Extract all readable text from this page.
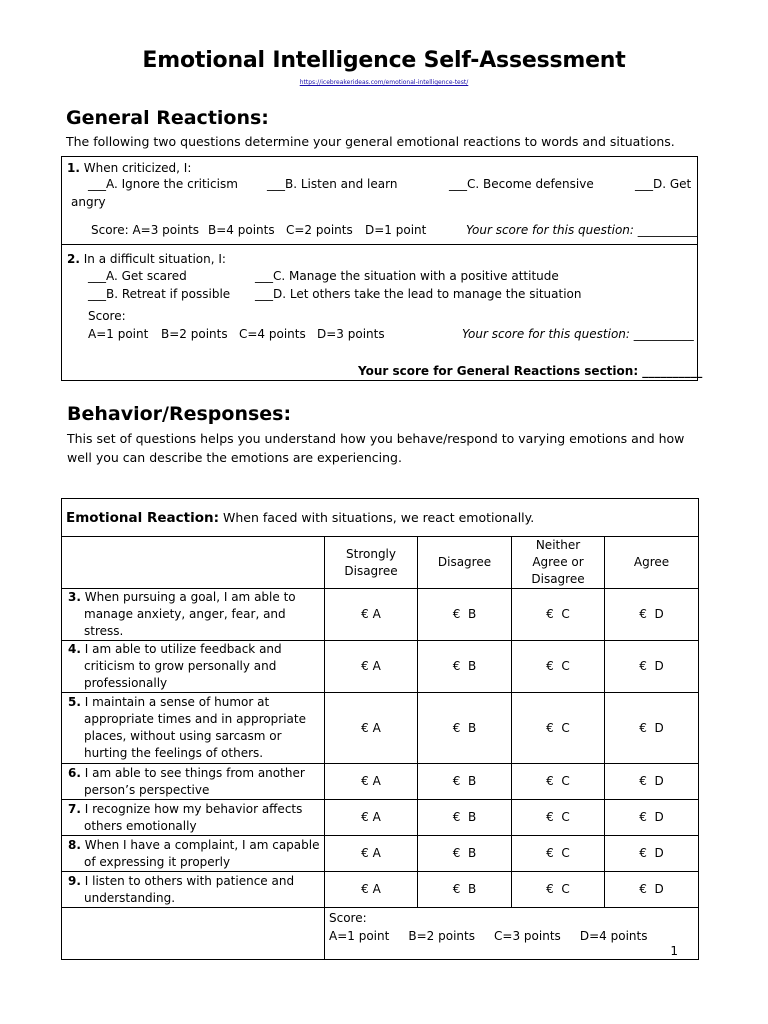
Emotional Intelligence Self-Assessment
https://icebreakerideas.com/emotional-intelligence-test/
General Reactions:
The following two questions determine your general emotional reactions to words and situations.
1. When criticized, I:
___A. Ignore the criticism ___B. Listen and learn	___C. Become defensive	___D. Get
angry
Score: A=3 points B=4 points C=2 points D=1 point	Your score for this question: __________
2. In a difficult situation, I:
___A. Get scared	___C. Manage the situation with a positive attitude
___B. Retreat if possible ___D. Let others take the lead to manage the situation
Score:
A=1 point B=2 points C=4 points D=3 points	Your score for this question: __________
Your score for General Reactions section: __________
Behavior/Responses:
This set of questions helps you understand how you behave/respond to varying emotions and how
well you can describe the emotions are experiencing.
Emotional Reaction: When faced with situations, we react emotionally.				
	Strongly
Disagree	Disagree	Neither
Agree or
Disagree	Agree
3. When pursuing a goal, I am able to manage anxiety, anger, fear, and stress.	€ A	€  B	€  C	€  D
4. I am able to utilize feedback and criticism to grow personally and professionally	€ A	€  B	€  C	€  D
5. I maintain a sense of humor at appropriate times and in appropriate places, without using sarcasm or hurting the feelings of others.	€ A	€  B	€  C	€  D
6. I am able to see things from another person’s perspective	€ A	€  B	€  C	€  D
7. I recognize how my behavior affects others emotionally	€ A	€  B	€  C	€  D
8. When I have a complaint, I am capable of expressing it properly	€ A	€  B	€  C	€  D
9. I listen to others with patience and understanding.	€ A	€  B	€  C	€  D

	Score:
A=1 point     B=2 points     C=3 points     D=4 points			
1
